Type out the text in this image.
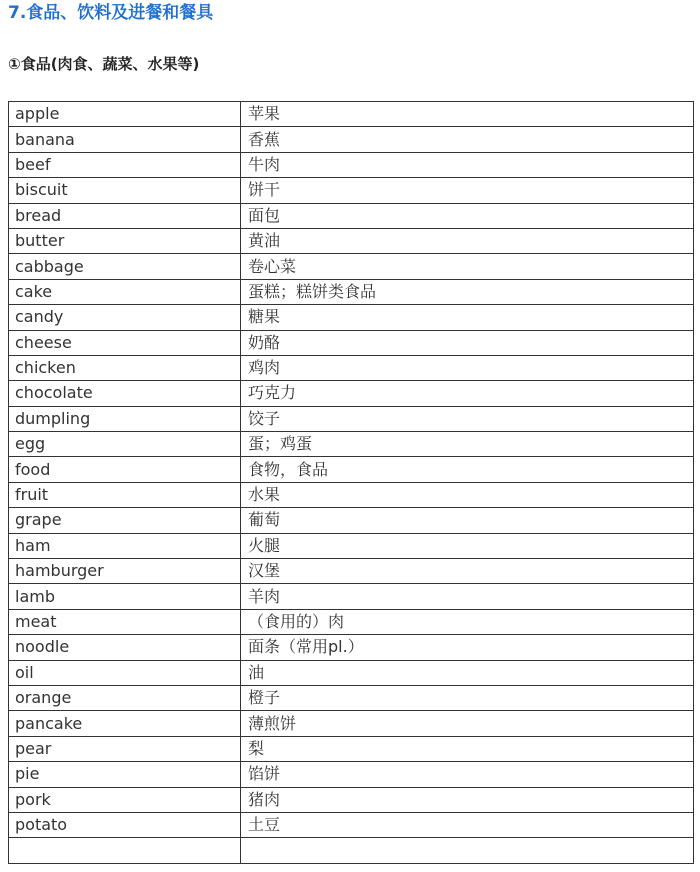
7.食品、饮料及进餐和餐具
①食品(肉食、蔬菜、水果等)
apple	苹果
banana	香蕉
beef	牛肉
biscuit	饼干
bread	面包
butter	黄油
cabbage	卷心菜
cake	蛋糕；糕饼类食品
candy	糖果
cheese	奶酪
chicken	鸡肉
chocolate	巧克力
dumpling	饺子
egg	蛋；鸡蛋
food	食物，食品
fruit	水果
grape	葡萄
ham	火腿
hamburger	汉堡
lamb	羊肉
meat	（食用的）肉
noodle	面条（常用pl.）
oil	油
orange	橙子
pancake	薄煎饼
pear	梨
pie	馅饼
pork	猪肉
potato	土豆
